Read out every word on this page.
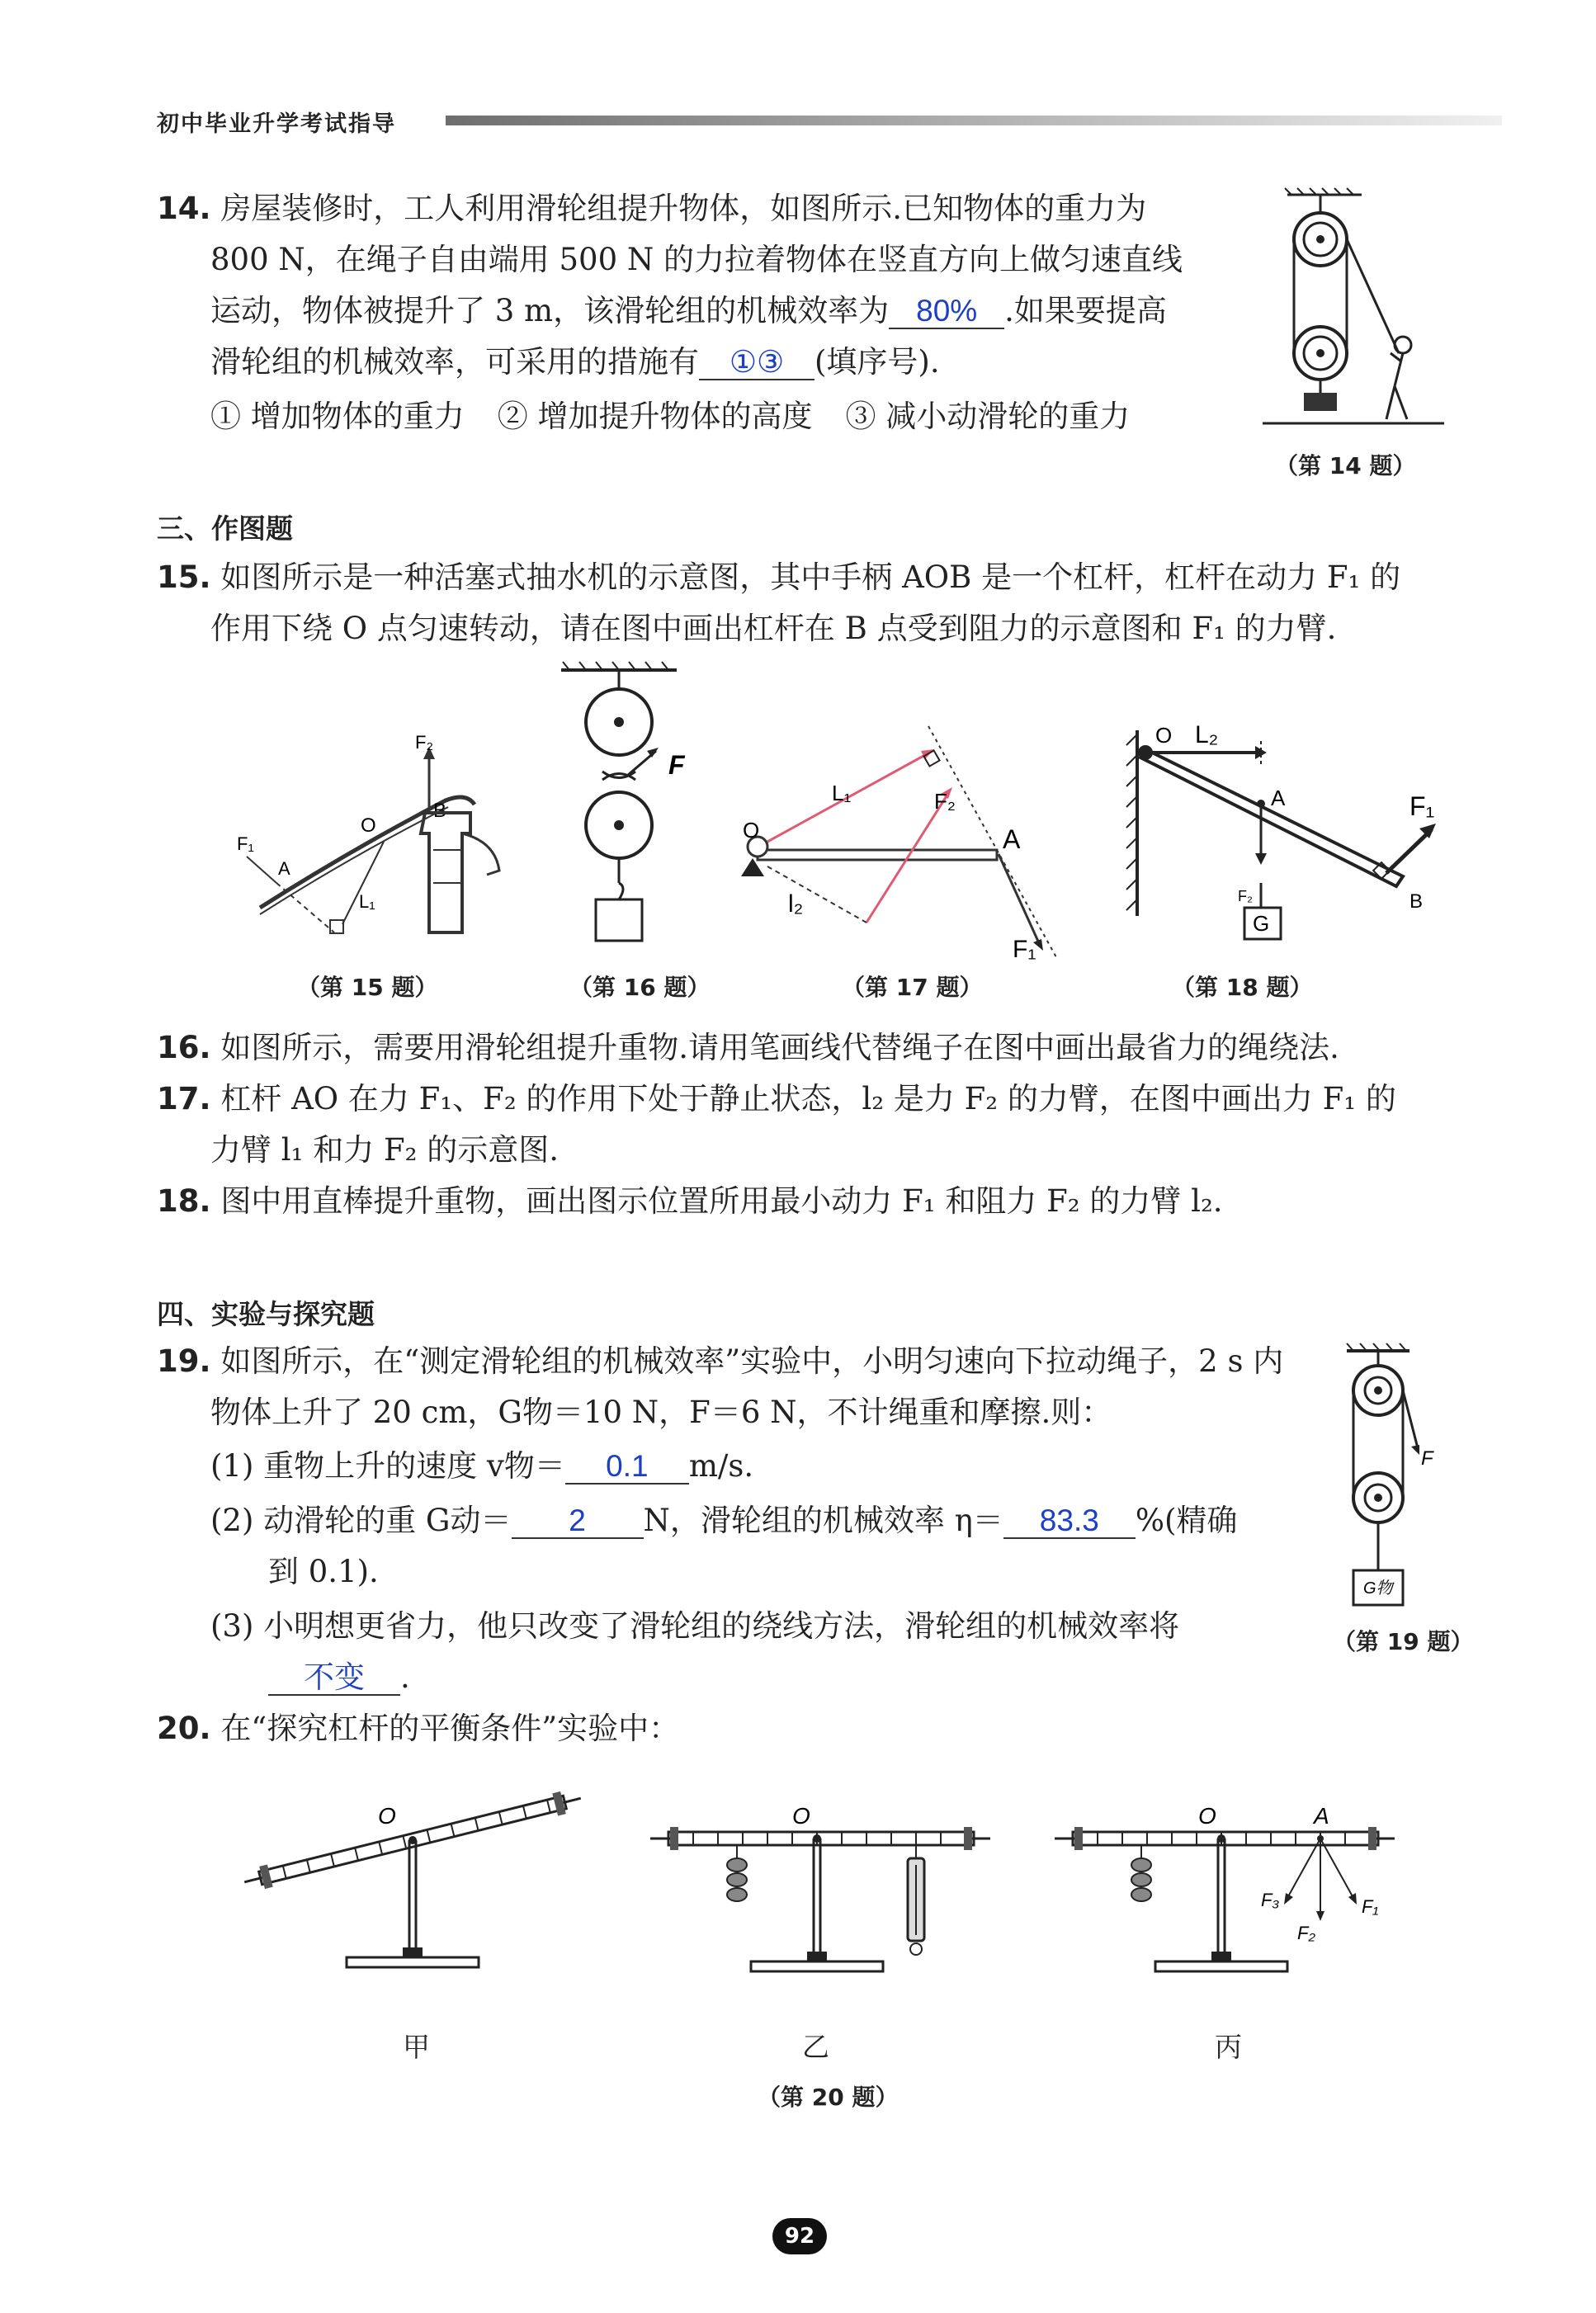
初中毕业升学考试指导
14. 房屋装修时，工人利用滑轮组提升物体，如图所示.已知物体的重力为
800 N，在绳子自由端用 500 N 的力拉着物体在竖直方向上做匀速直线
运动，物体被提升了 3 m，该滑轮组的机械效率为 80% .如果要提高
滑轮组的机械效率，可采用的措施有 ①③ (填序号).
① 增加物体的重力 ② 增加提升物体的高度 ③ 减小动滑轮的重力
（第 14 题）
三、作图题
15. 如图所示是一种活塞式抽水机的示意图，其中手柄 AOB 是一个杠杆，杠杆在动力 F₁ 的
作用下绕 O 点匀速转动，请在图中画出杠杆在 B 点受到阻力的示意图和 F₁ 的力臂.
F₂
B
O
F₁
A
L₁
F
L₁	F₂
A
O
l₂
F₁
O L₂
A	F₁
F₂	B
G
（第 15 题）	（第 16 题）	（第 17 题）	（第 18 题）
16. 如图所示，需要用滑轮组提升重物.请用笔画线代替绳子在图中画出最省力的绳绕法.
17. 杠杆 AO 在力 F₁、F₂ 的作用下处于静止状态，l₂ 是力 F₂ 的力臂，在图中画出力 F₁ 的
力臂 l₁ 和力 F₂ 的示意图.
18. 图中用直棒提升重物，画出图示位置所用最小动力 F₁ 和阻力 F₂ 的力臂 l₂.
四、实验与探究题
19. 如图所示，在“测定滑轮组的机械效率”实验中，小明匀速向下拉动绳子，2 s 内
物体上升了 20 cm，G物＝10 N，F＝6 N，不计绳重和摩擦.则：
(1) 重物上升的速度 v物＝ 0.1 m/s.
(2) 动滑轮的重 G动＝ 2 N，滑轮组的机械效率 η＝ 83.3 %(精确
到 0.1).
(3) 小明想更省力，他只改变了滑轮组的绕线方法，滑轮组的机械效率将
不变 .
F
G物
（第 19 题）
20. 在“探究杠杆的平衡条件”实验中：
O
甲
O
乙
O	A
F₃
F₂
F₁
丙
（第 20 题）
92
